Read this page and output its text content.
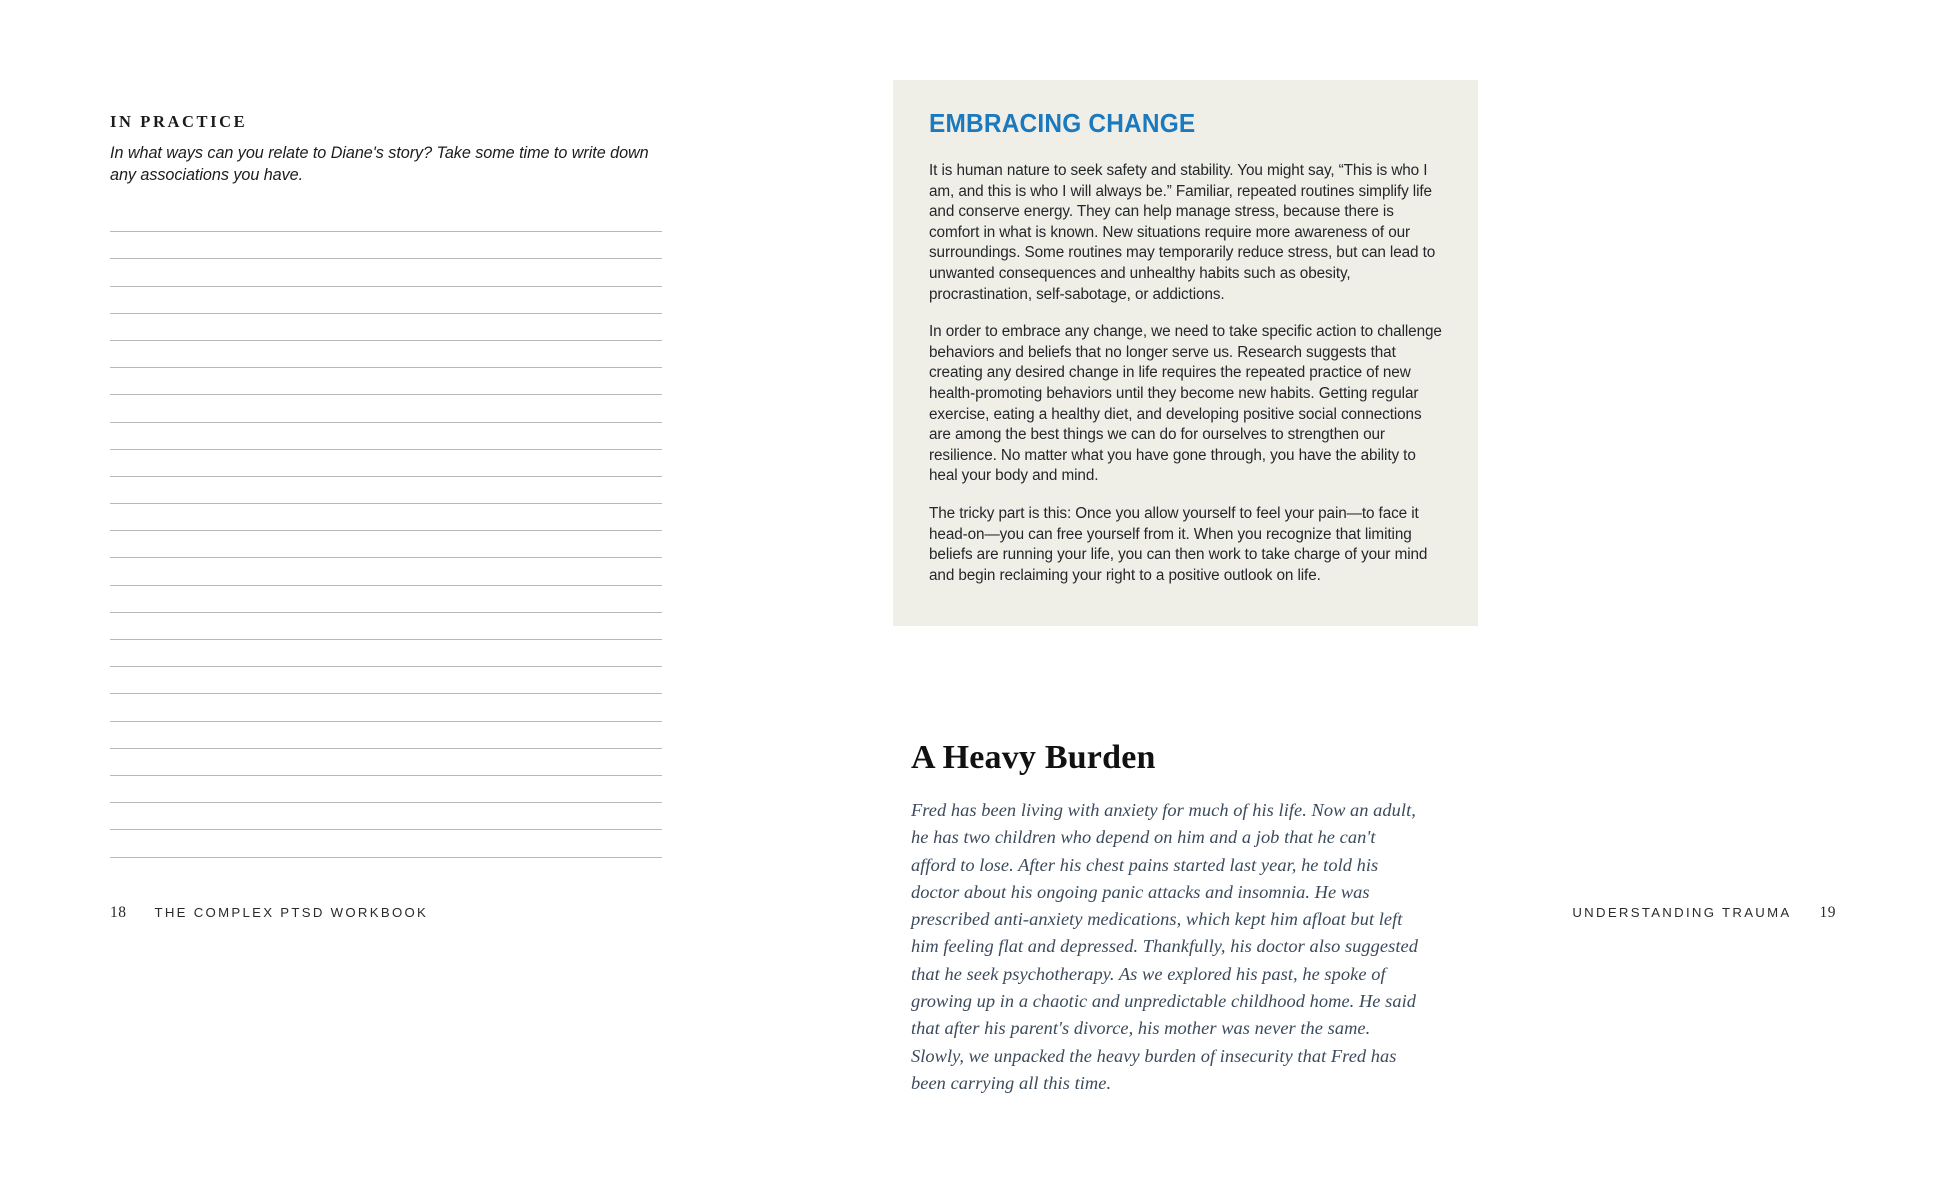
IN PRACTICE
In what ways can you relate to Diane's story? Take some time to write down any associations you have.
18 THE COMPLEX PTSD WORKBOOK
EMBRACING CHANGE

It is human nature to seek safety and stability. You might say, “This is who I am, and this is who I will always be.” Familiar, repeated routines simplify life and conserve energy. They can help manage stress, because there is comfort in what is known. New situations require more awareness of our surroundings. Some routines may temporarily reduce stress, but can lead to unwanted consequences and unhealthy habits such as obesity, procrastination, self-sabotage, or addictions.

In order to embrace any change, we need to take specific action to challenge behaviors and beliefs that no longer serve us. Research suggests that creating any desired change in life requires the repeated practice of new health-promoting behaviors until they become new habits. Getting regular exercise, eating a healthy diet, and developing positive social connections are among the best things we can do for ourselves to strengthen our resilience. No matter what you have gone through, you have the ability to heal your body and mind.

The tricky part is this: Once you allow yourself to feel your pain—to face it head-on—you can free yourself from it. When you recognize that limiting beliefs are running your life, you can then work to take charge of your mind and begin reclaiming your right to a positive outlook on life.

A Heavy Burden
Fred has been living with anxiety for much of his life. Now an adult, he has two children who depend on him and a job that he can't afford to lose. After his chest pains started last year, he told his doctor about his ongoing panic attacks and insomnia. He was prescribed anti-anxiety medications, which kept him afloat but left him feeling flat and depressed. Thankfully, his doctor also suggested that he seek psychotherapy. As we explored his past, he spoke of growing up in a chaotic and unpredictable childhood home. He said that after his parent's divorce, his mother was never the same. Slowly, we unpacked the heavy burden of insecurity that Fred has been carrying all this time.
UNDERSTANDING TRAUMA 19
